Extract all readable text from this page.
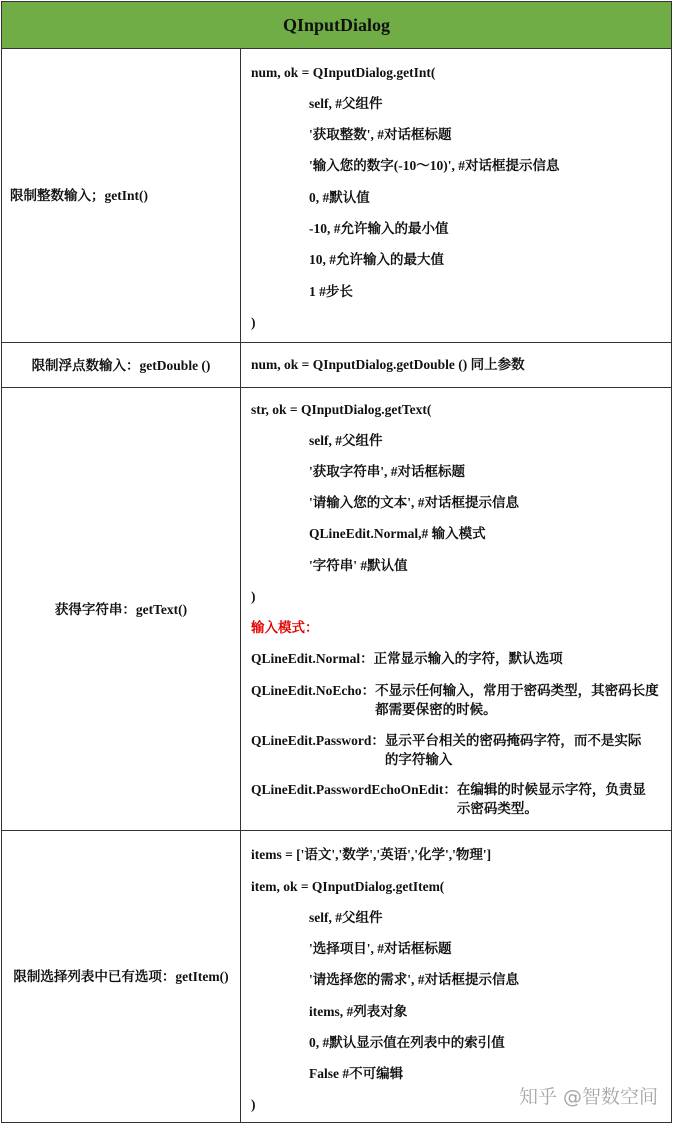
QInputDialog
限制整数输入；getInt()
num, ok = QInputDialog.getInt(
self, #父组件
'获取整数', #对话框标题
'输入您的数字(-10～10)', #对话框提示信息
0, #默认值
-10, #允许输入的最小值
10, #允许输入的最大值
1 #步长
)
限制浮点数输入：getDouble ()	num, ok = QInputDialog.getDouble () 同上参数
获得字符串：getText()
str, ok = QInputDialog.getText(
self, #父组件
'获取字符串', #对话框标题
'请输入您的文本', #对话框提示信息
QLineEdit.Normal,# 输入模式
'字符串' #默认值
)
输入模式：
QLineEdit.Normal：正常显示输入的字符，默认选项
QLineEdit.NoEcho：不显示任何输入，常用于密码类型，其密码长度都需要保密的时候。
QLineEdit.Password：显示平台相关的密码掩码字符，而不是实际的字符输入
QLineEdit.PasswordEchoOnEdit：在编辑的时候显示字符，负责显示密码类型。
限制选择列表中已有选项：getItem()
items = ['语文','数学','英语','化学','物理']
item, ok = QInputDialog.getItem(
self, #父组件
'选择项目', #对话框标题
'请选择您的需求', #对话框提示信息
items, #列表对象
0, #默认显示值在列表中的索引值
False #不可编辑
)	知乎 @智数空间
